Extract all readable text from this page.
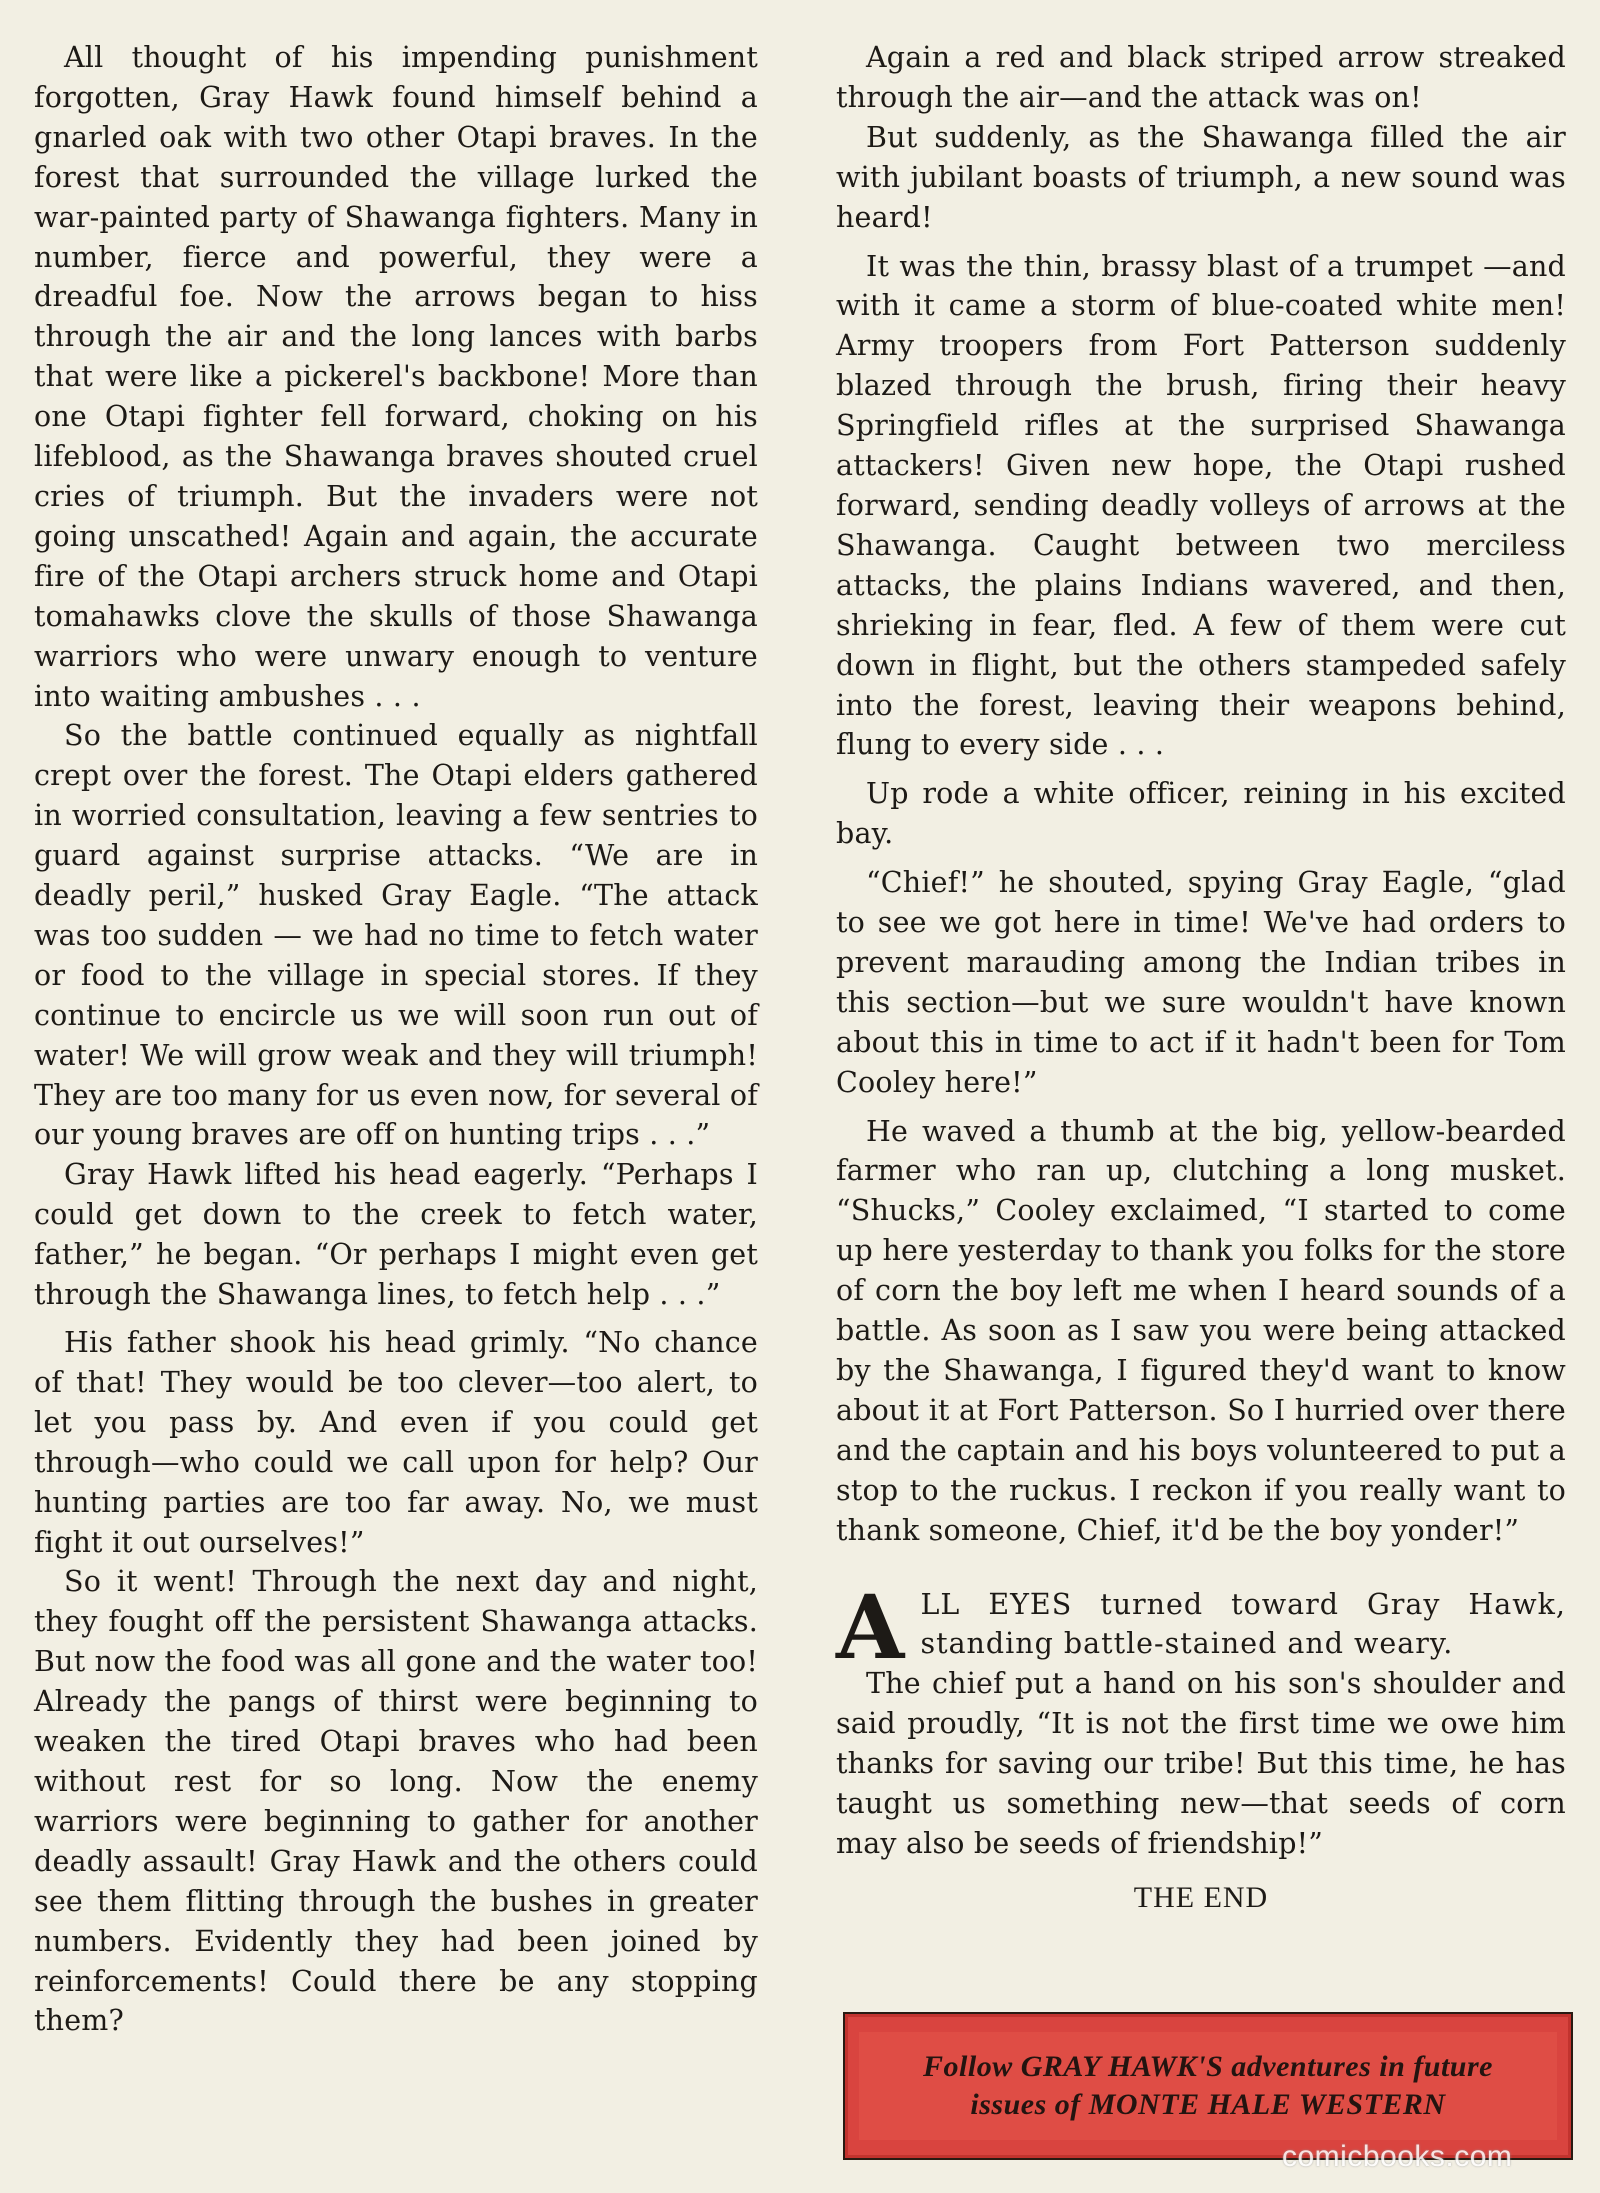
All thought of his impending punishment forgotten, Gray Hawk found himself behind a gnarled oak with two other Otapi braves. In the forest that surrounded the village lurked the war-painted party of Shawanga fighters. Many in number, fierce and powerful, they were a dreadful foe. Now the arrows began to hiss through the air and the long lances with barbs that were like a pickerel's backbone! More than one Otapi fighter fell forward, choking on his lifeblood, as the Shawanga braves shouted cruel cries of triumph. But the invaders were not going unscathed! Again and again, the accurate fire of the Otapi archers struck home and Otapi tomahawks clove the skulls of those Shawanga warriors who were unwary enough to venture into waiting ambushes . . .

So the battle continued equally as nightfall crept over the forest. The Otapi elders gathered in worried consultation, leaving a few sentries to guard against surprise attacks. “We are in deadly peril,” husked Gray Eagle. “The attack was too sudden — we had no time to fetch water or food to the village in special stores. If they continue to encircle us we will soon run out of water! We will grow weak and they will triumph! They are too many for us even now, for several of our young braves are off on hunting trips . . .”

Gray Hawk lifted his head eagerly. “Perhaps I could get down to the creek to fetch water, father,” he began. “Or perhaps I might even get through the Shawanga lines, to fetch help . . .”

His father shook his head grimly. “No chance of that! They would be too clever—too alert, to let you pass by. And even if you could get through—who could we call upon for help? Our hunting parties are too far away. No, we must fight it out ourselves!”

So it went! Through the next day and night, they fought off the persistent Shawanga attacks. But now the food was all gone and the water too! Already the pangs of thirst were beginning to weaken the tired Otapi braves who had been without rest for so long. Now the enemy warriors were beginning to gather for another deadly assault! Gray Hawk and the others could see them flitting through the bushes in greater numbers. Evidently they had been joined by reinforcements! Could there be any stopping them?

Again a red and black striped arrow streaked through the air—and the attack was on!

But suddenly, as the Shawanga filled the air with jubilant boasts of triumph, a new sound was heard!

It was the thin, brassy blast of a trumpet —and with it came a storm of blue-coated white men! Army troopers from Fort Patterson suddenly blazed through the brush, firing their heavy Springfield rifles at the surprised Shawanga attackers! Given new hope, the Otapi rushed forward, sending deadly volleys of arrows at the Shawanga. Caught between two merciless attacks, the plains Indians wavered, and then, shrieking in fear, fled. A few of them were cut down in flight, but the others stampeded safely into the forest, leaving their weapons behind, flung to every side . . .

Up rode a white officer, reining in his excited bay.

“Chief!” he shouted, spying Gray Eagle, “glad to see we got here in time! We've had orders to prevent marauding among the Indian tribes in this section—but we sure wouldn't have known about this in time to act if it hadn't been for Tom Cooley here!”

He waved a thumb at the big, yellow-bearded farmer who ran up, clutching a long musket. “Shucks,” Cooley exclaimed, “I started to come up here yesterday to thank you folks for the store of corn the boy left me when I heard sounds of a battle. As soon as I saw you were being attacked by the Shawanga, I figured they'd want to know about it at Fort Patterson. So I hurried over there and the captain and his boys volunteered to put a stop to the ruckus. I reckon if you really want to thank someone, Chief, it'd be the boy yonder!”

ALL EYES turned toward Gray Hawk, standing battle-stained and weary.

The chief put a hand on his son's shoulder and said proudly, “It is not the first time we owe him thanks for saving our tribe! But this time, he has taught us something new—that seeds of corn may also be seeds of friendship!”

THE END
Follow GRAY HAWK'S adventures in future
issues of MONTE HALE WESTERN
comicbooks.com
